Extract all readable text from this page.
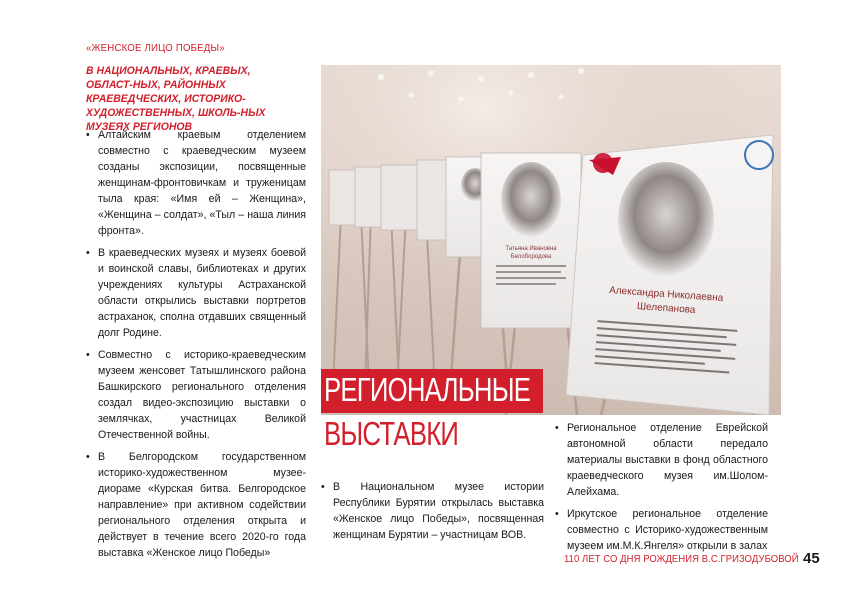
«ЖЕНСКОЕ ЛИЦО ПОБЕДЫ»
В НАЦИОНАЛЬНЫХ, КРАЕВЫХ, ОБЛАСТ-НЫХ, РАЙОННЫХ КРАЕВЕДЧЕСКИХ, ИСТОРИКО-ХУДОЖЕСТВЕННЫХ, ШКОЛЬ-НЫХ МУЗЕЯХ РЕГИОНОВ

• Алтайским краевым отделением совместно с краеведческим музеем созданы экспозиции, посвященные женщинам-фронтовичкам и труженицам тыла края: «Имя ей – Женщина», «Женщина – солдат», «Тыл – наша линия фронта».

• В краеведческих музеях и музеях боевой и воинской славы, библиотеках и других учреждениях культуры Астраханской области открылись выставки портретов астраханок, сполна отдавших священный долг Родине.

• Совместно с историко-краеведческим музеем женсовет Татышлинского района Башкирского регионального отделения создал видео-экспозицию выставки о землячках, участницах Великой Отечественной войны.

• В Белгородском государственном историко-художественном музее-диораме «Курская битва. Белгородское направление» при активном содействии регионального отделения открыта и действует в течение всего 2020-го года выставка «Женское лицо Победы»

Татьяна Ивановна
Белобородова
Александра Николаевна
Шелепанова
РЕГИОНАЛЬНЫЕ
ВЫСТАВКИ

• В Национальном музее истории Республики Бурятии открылась выставка «Женское лицо Победы», посвященная женщинам Бурятии – участницам ВОВ.

• Региональное отделение Еврейской автономной области передало материалы выставки в фонд областного краеведческого музея им.Шолом-Алейхама.

• Иркутское региональное отделение совместно с Историко-художественным музеем им.М.К.Янгеля» открыли в залах

110 ЛЕТ СО ДНЯ РОЖДЕНИЯ В.С.ГРИЗОДУБОВОЙ 45
